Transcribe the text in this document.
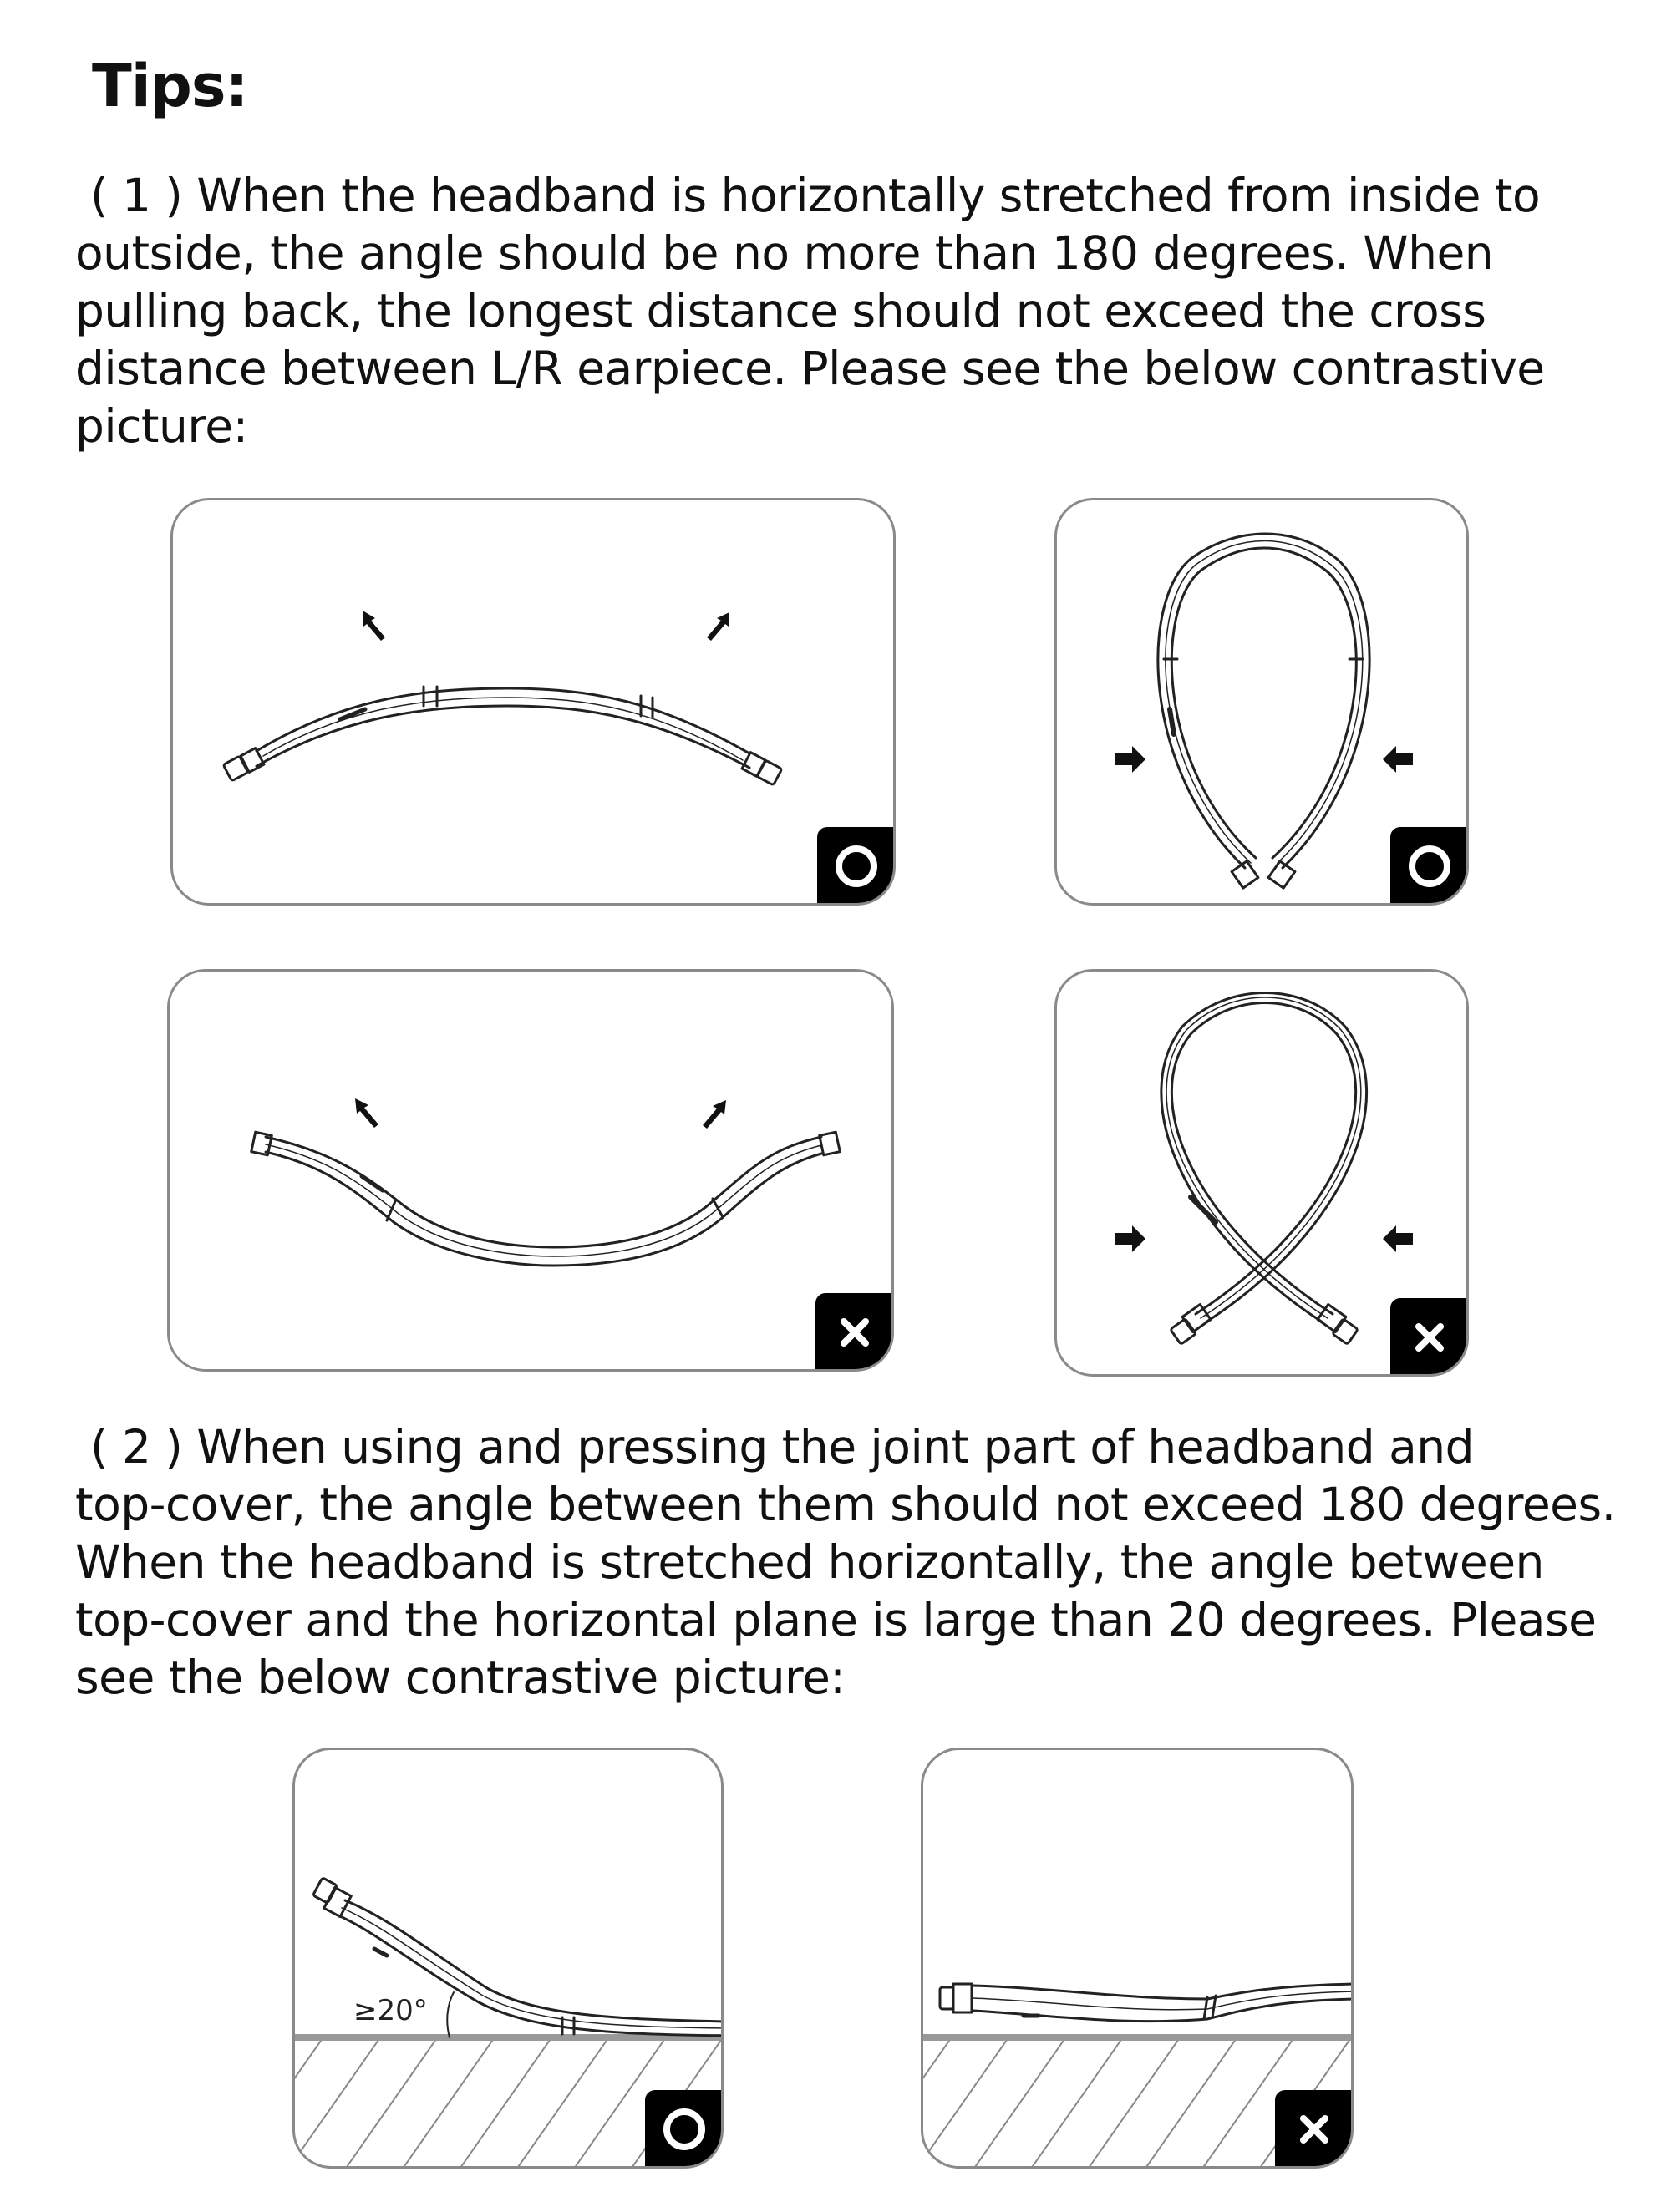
Tips:

( 1 ) When the headband is horizontally stretched from inside to
outside, the angle should be no more than 180 degrees. When
pulling back, the longest distance should not exceed the cross
distance between L/R earpiece. Please see the below contrastive
picture:

( 2 ) When using and pressing the joint part of headband and
top-cover, the angle between them should not exceed 180 degrees.
When the headband is stretched horizontally, the angle between
top-cover and the horizontal plane is large than 20 degrees. Please
see the below contrastive picture:

≥20°
